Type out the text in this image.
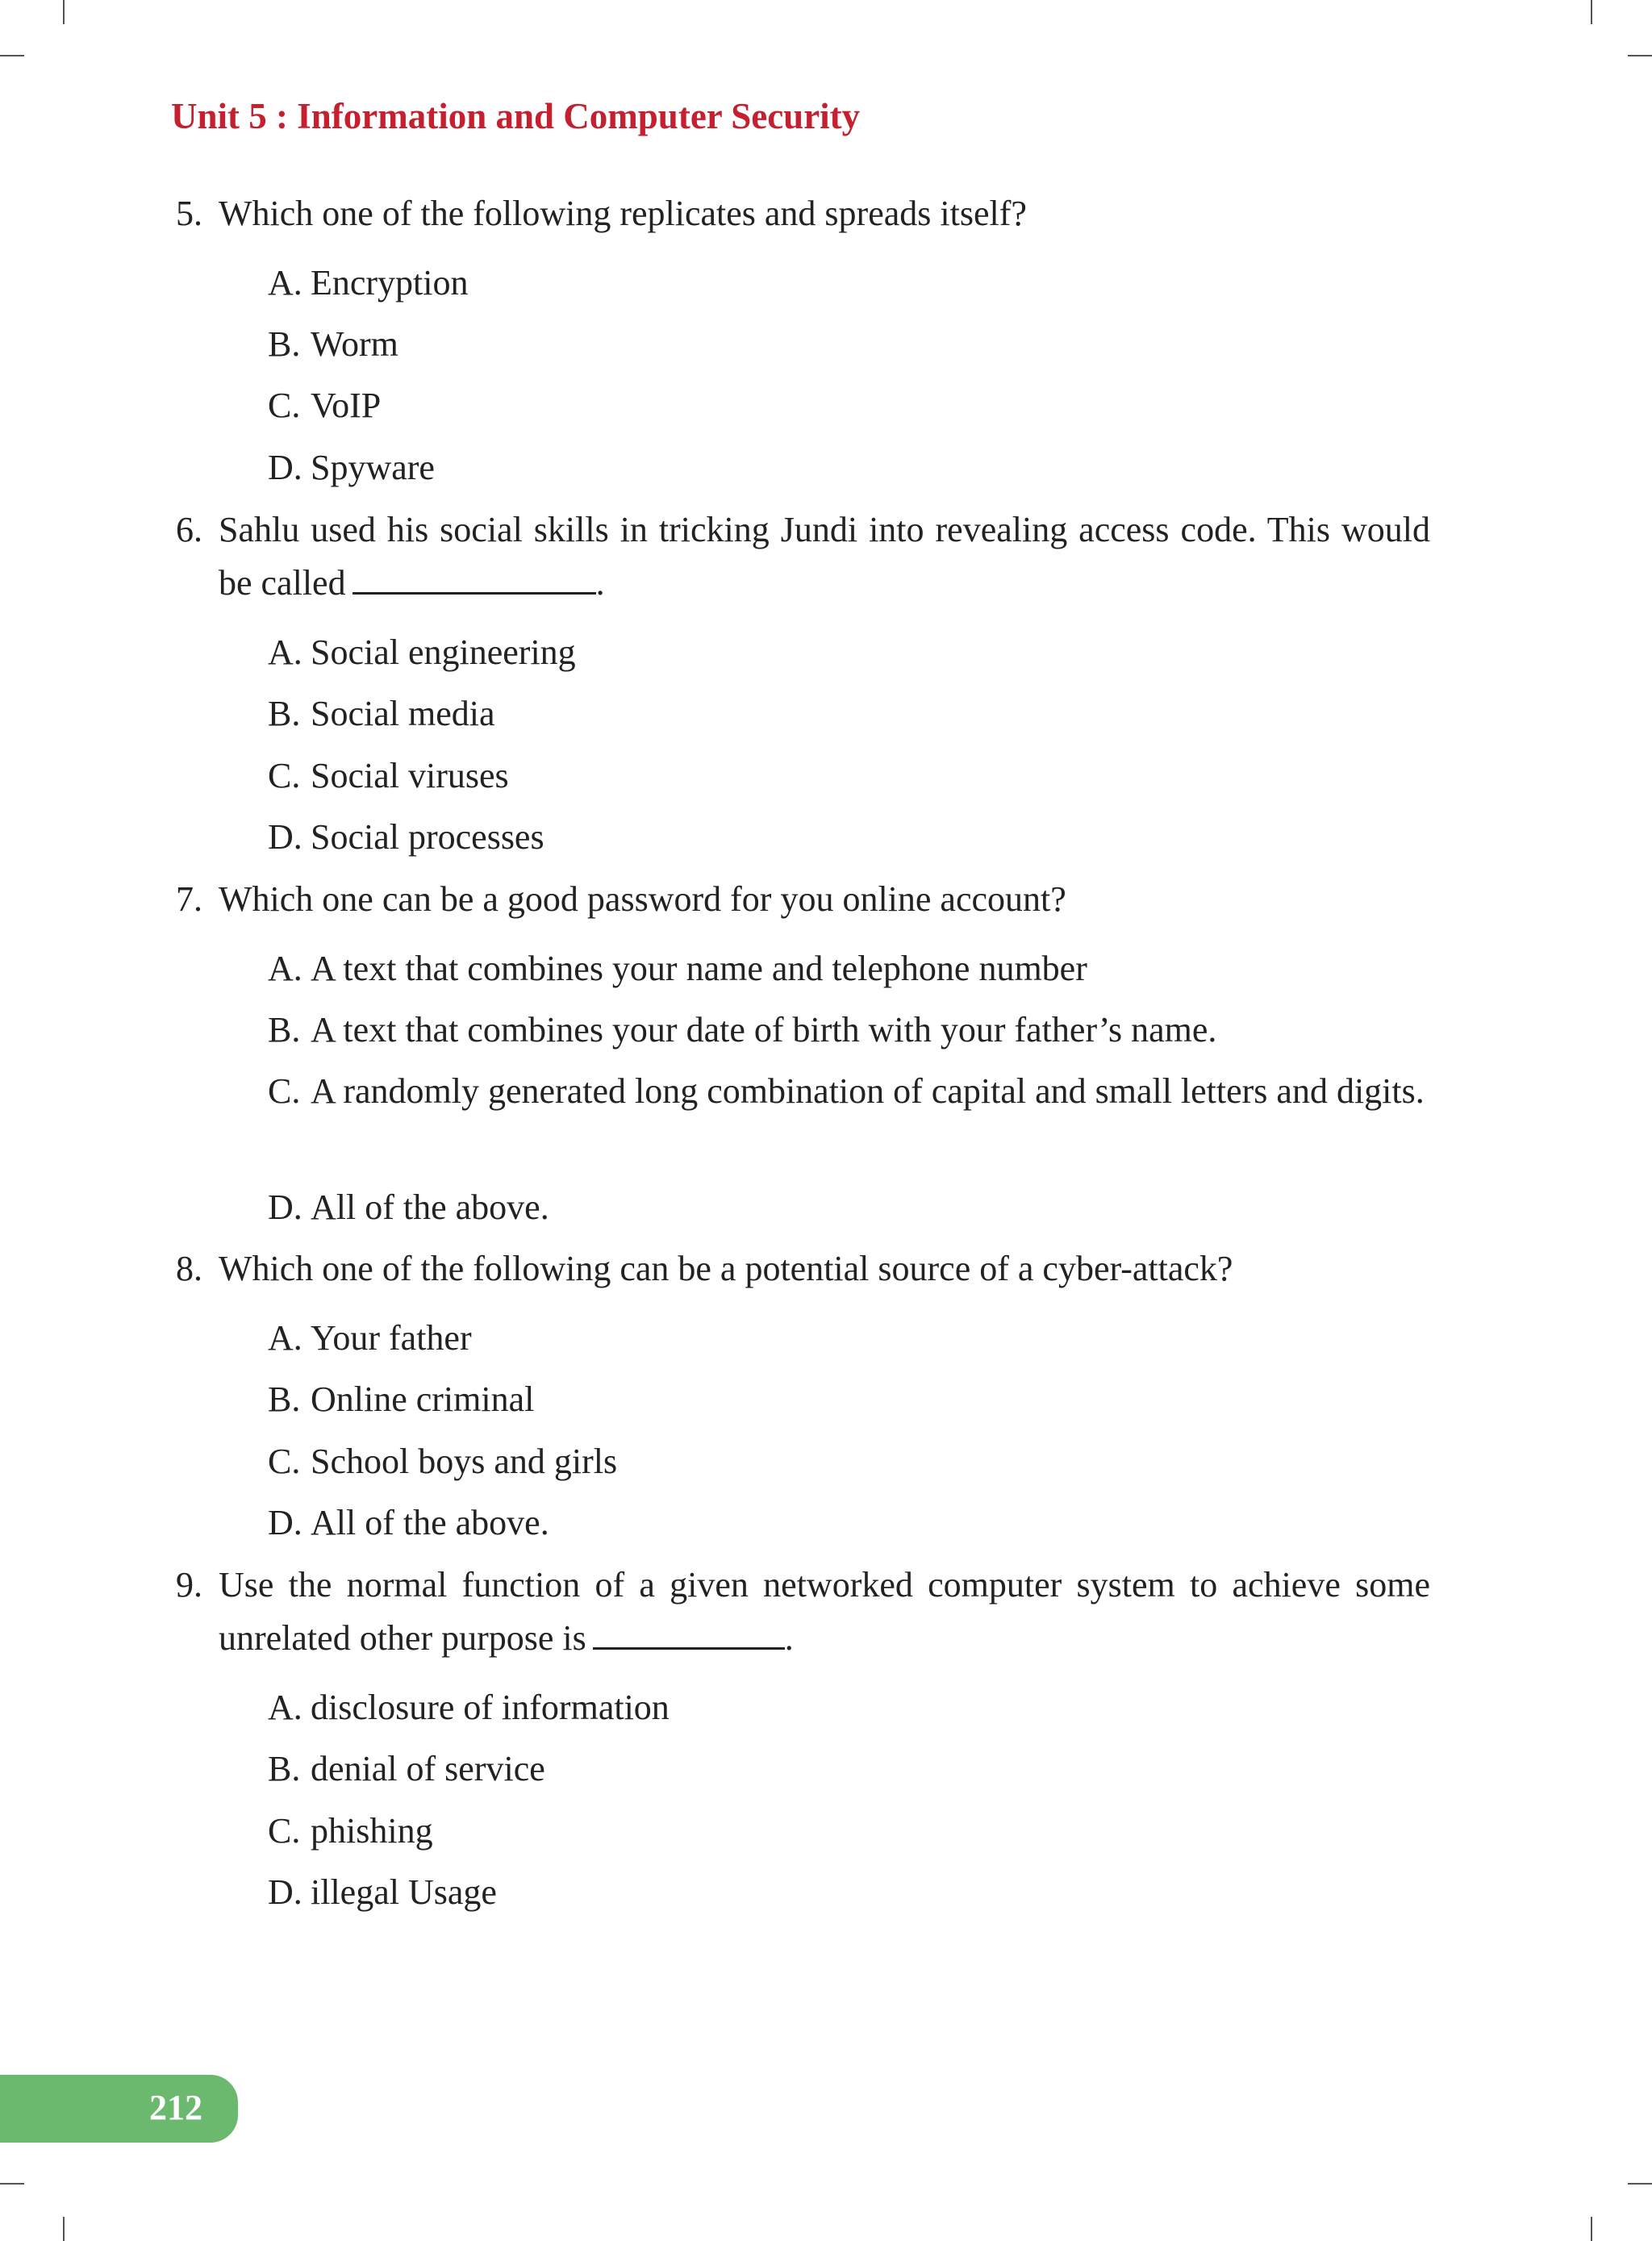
Unit 5 : Information and Computer Security
5. Which one of the following replicates and spreads itself?
A. Encryption
B. Worm
C. VoIP
D. Spyware
6. Sahlu used his social skills in tricking Jundi into revealing access code. This would be called	.
A. Social engineering
B. Social media
C. Social viruses
D. Social processes
7. Which one can be a good password for you online account?
A. A text that combines your name and telephone number
B. A text that combines your date of birth with your father’s name.
C. A randomly generated long combination of capital and small letters and digits.
D. All of the above.
8. Which one of the following can be a potential source of a cyber-attack?
A. Your father
B. Online criminal
C. School boys and girls
D. All of the above.
9. Use the normal function of a given networked computer system to achieve some unrelated other purpose is	.
A. disclosure of information
B. denial of service
C. phishing
D. illegal Usage
212
